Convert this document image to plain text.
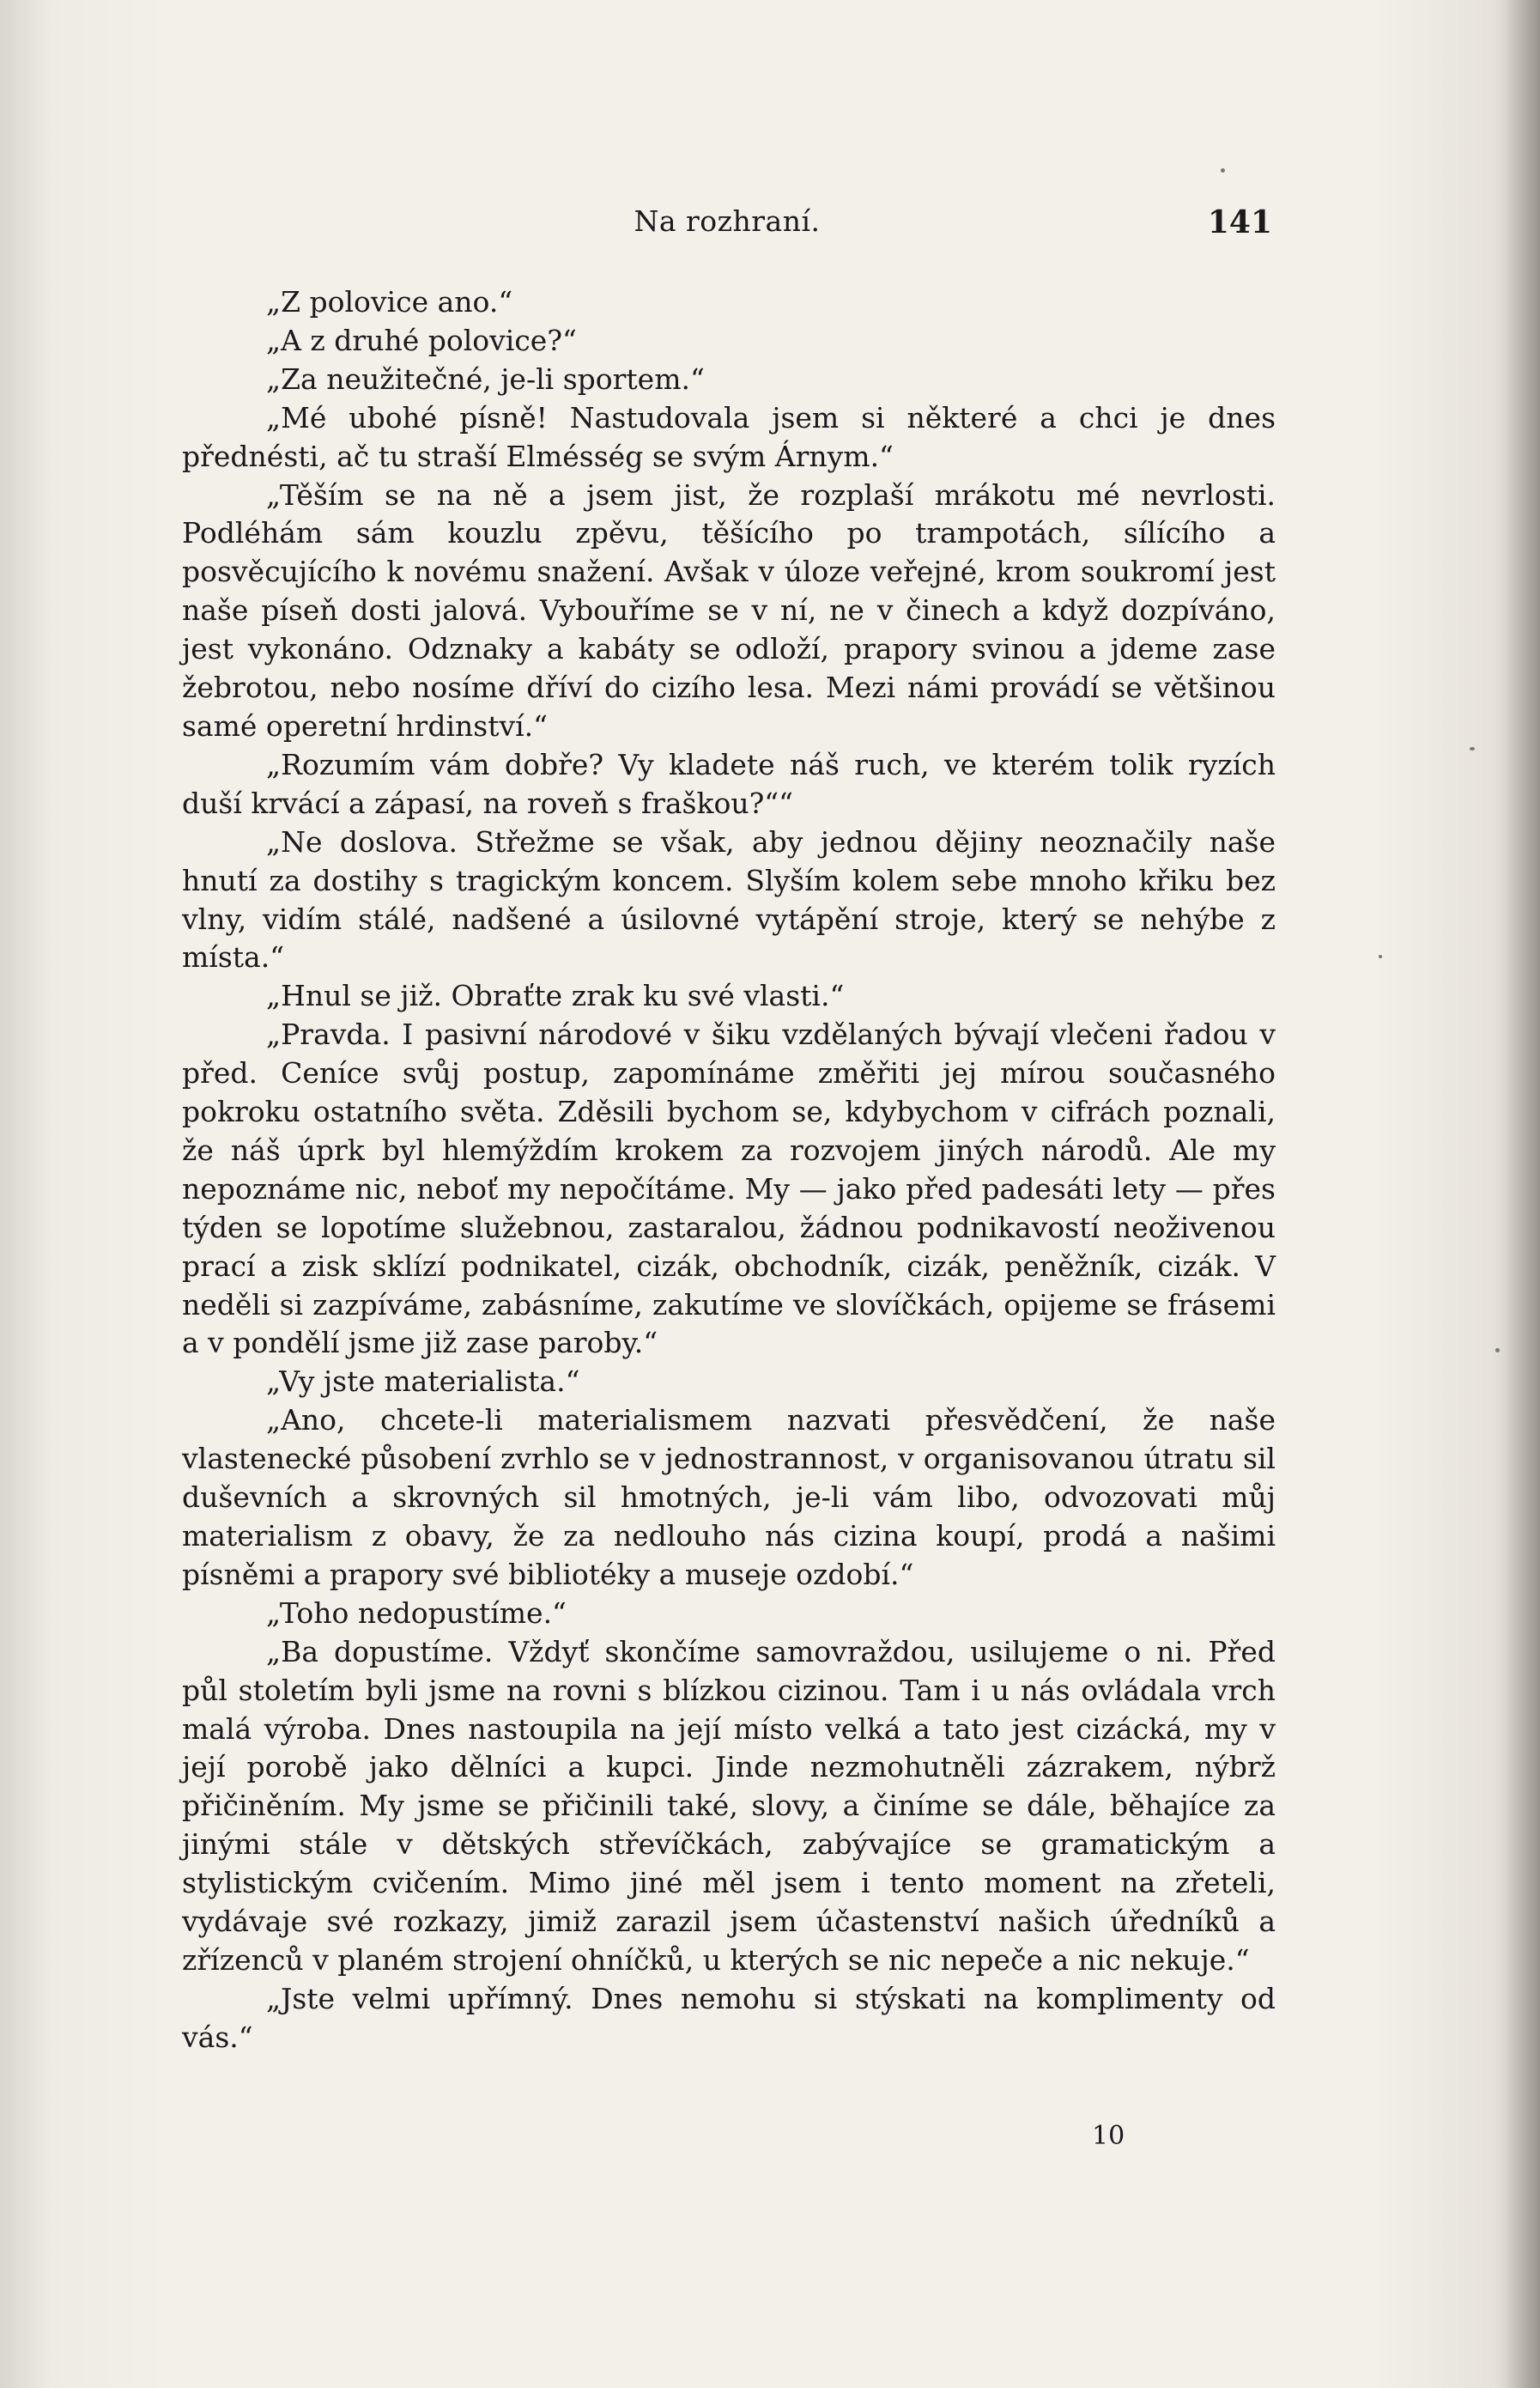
Na rozhraní.	141

„Z polovice ano.“

„A z druhé polovice?“

„Za neužitečné, je-li sportem.“

„Mé ubohé písně! Nastudovala jsem si některé a chci je dnes přednésti, ač tu straší Elmésség se svým Árnym.“

„Těším se na ně a jsem jist, že rozplaší mrákotu mé nevrlosti. Podléhám sám kouzlu zpěvu, těšícího po trampotách, sílícího a posvěcujícího k novému snažení. Avšak v úloze veřejné, krom soukromí jest naše píseň dosti jalová. Vybouříme se v ní, ne v činech a když dozpíváno, jest vykonáno. Odznaky a kabáty se odloží, prapory svinou a jdeme zase žebrotou, nebo nosíme dříví do cizího lesa. Mezi námi provádí se většinou samé operetní hrdinství.“

„Rozumím vám dobře? Vy kladete náš ruch, ve kterém tolik ryzích duší krvácí a zápasí, na roveň s fraškou?““

„Ne doslova. Střežme se však, aby jednou dějiny neoznačily naše hnutí za dostihy s tragickým koncem. Slyším kolem sebe mnoho křiku bez vlny, vidím stálé, nadšené a úsilovné vytápění stroje, který se nehýbe z místa.“

„Hnul se již. Obraťte zrak ku své vlasti.“

„Pravda. I pasivní národové v šiku vzdělaných bývají vlečeni řadou v před. Ceníce svůj postup, zapomínáme změřiti jej mírou současného pokroku ostatního světa. Zděsili bychom se, kdybychom v cifrách poznali, že náš úprk byl hlemýždím krokem za rozvojem jiných národů. Ale my nepoznáme nic, neboť my nepočítáme. My — jako před padesáti lety — přes týden se lopotíme služebnou, zastaralou, žádnou podnikavostí neoživenou prací a zisk sklízí podnikatel, cizák, obchodník, cizák, peněžník, cizák. V neděli si zazpíváme, zabásníme, zakutíme ve slovíčkách, opijeme se frásemi a v pondělí jsme již zase paroby.“

„Vy jste materialista.“

„Ano, chcete-li materialismem nazvati přesvědčení, že naše vlastenecké působení zvrhlo se v jednostrannost, v organisovanou útratu sil duševních a skrovných sil hmotných, je-li vám libo, odvozovati můj materialism z obavy, že za nedlouho nás cizina koupí, prodá a našimi písněmi a prapory své bibliotéky a museje ozdobí.“

„Toho nedopustíme.“

„Ba dopustíme. Vždyť skončíme samovraždou, usilujeme o ni. Před půl stoletím byli jsme na rovni s blízkou cizinou. Tam i u nás ovládala vrch malá výroba. Dnes nastoupila na její místo velká a tato jest cizácká, my v její porobě jako dělníci a kupci. Jinde nezmohutněli zázrakem, nýbrž přičiněním. My jsme se přičinili také, slovy, a činíme se dále, běhajíce za jinými stále v dětských střevíčkách, zabývajíce se gramatickým a stylistickým cvičením. Mimo jiné měl jsem i tento moment na zřeteli, vydávaje své rozkazy, jimiž zarazil jsem účastenství našich úředníků a zřízenců v planém strojení ohníčků, u kterých se nic nepeče a nic nekuje.“

„Jste velmi upřímný. Dnes nemohu si stýskati na komplimenty od vás.“

10
